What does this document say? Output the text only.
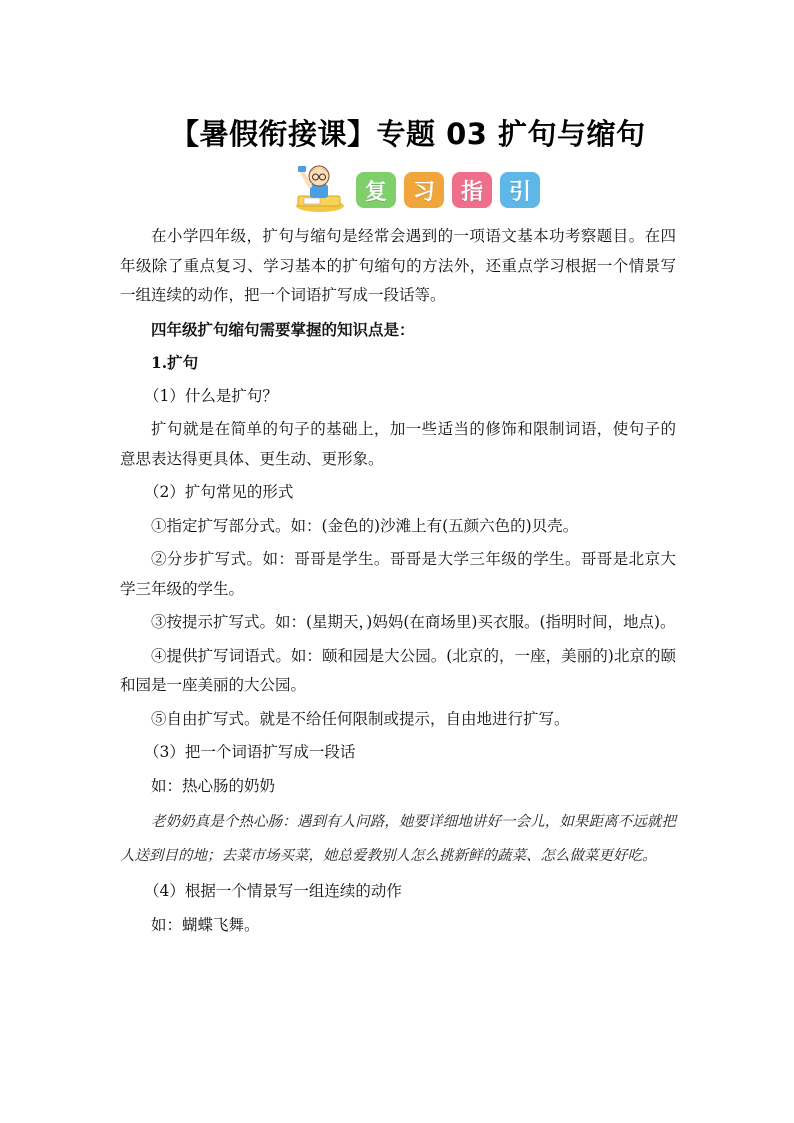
【暑假衔接课】专题 03 扩句与缩句
复	习	指	引

在小学四年级，扩句与缩句是经常会遇到的一项语文基本功考察题目。在四年级除了重点复习、学习基本的扩句缩句的方法外，还重点学习根据一个情景写一组连续的动作，把一个词语扩写成一段话等。

四年级扩句缩句需要掌握的知识点是：

1.扩句

（1）什么是扩句？

扩句就是在简单的句子的基础上，加一些适当的修饰和限制词语，使句子的意思表达得更具体、更生动、更形象。

（2）扩句常见的形式

①指定扩写部分式。如：(金色的)沙滩上有(五颜六色的)贝壳。

②分步扩写式。如：哥哥是学生。哥哥是大学三年级的学生。哥哥是北京大学三年级的学生。

③按提示扩写式。如：(星期天，)妈妈(在商场里)买衣服。(指明时间，地点)。

④提供扩写词语式。如：颐和园是大公园。(北京的，一座，美丽的)北京的颐和园是一座美丽的大公园。

⑤自由扩写式。就是不给任何限制或提示，自由地进行扩写。

（3）把一个词语扩写成一段话

如：热心肠的奶奶

老奶奶真是个热心肠：遇到有人问路，她要详细地讲好一会儿，如果距离不远就把人送到目的地；去菜市场买菜，她总爱教别人怎么挑新鲜的蔬菜、怎么做菜更好吃。

（4）根据一个情景写一组连续的动作

如：蝴蝶飞舞。
